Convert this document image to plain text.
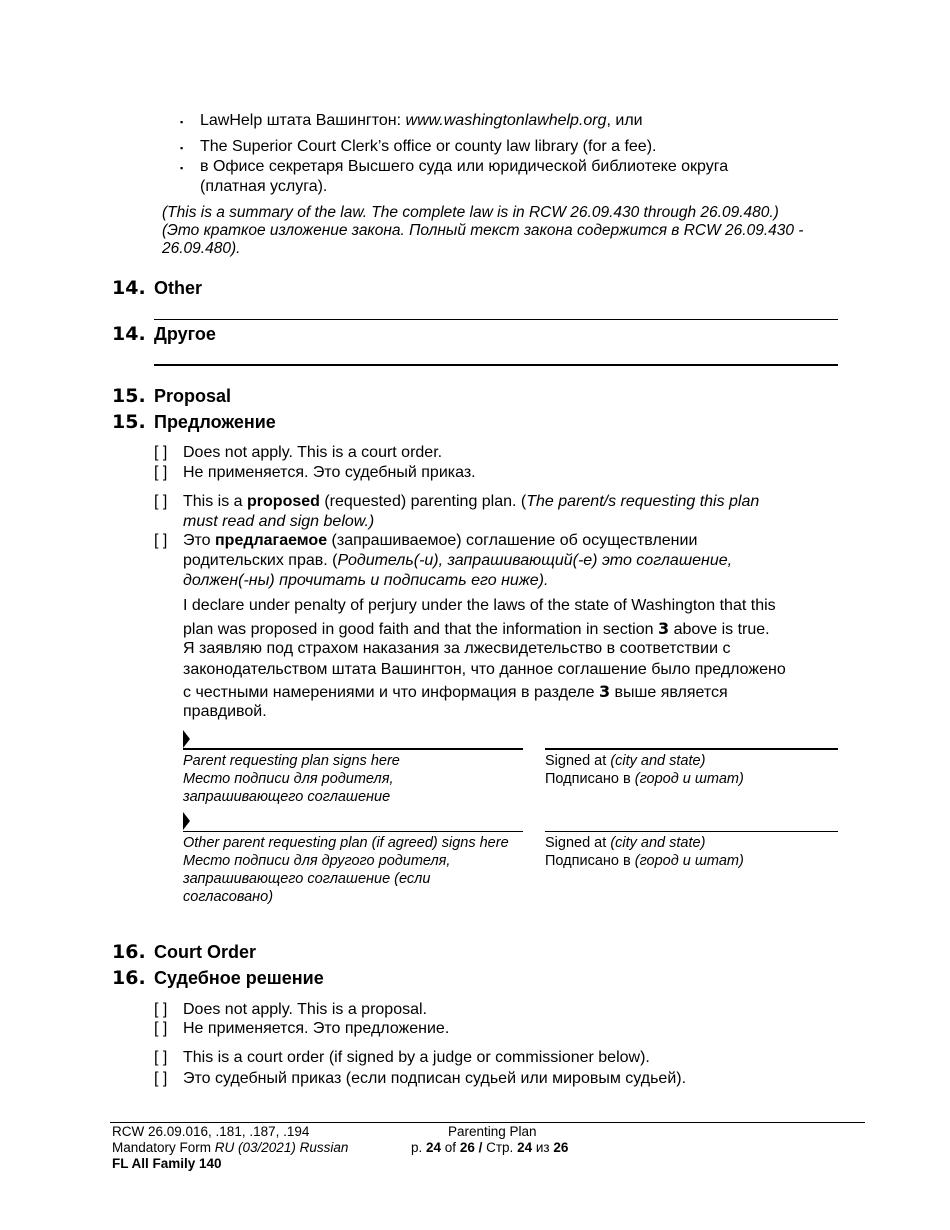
▪ LawHelp штата Вашингтон: www.washingtonlawhelp.org, или
▪ The Superior Court Clerk’s office or county law library (for a fee).
▪ в Офисе секретаря Высшего суда или юридической библиотеке округа
(платная услуга).
(This is a summary of the law. The complete law is in RCW 26.09.430 through 26.09.480.)
(Это краткое изложение закона. Полный текст закона содержится в RCW 26.09.430 -
26.09.480).
14. Other
14. Другое
15. Proposal
15. Предложение
[ ] Does not apply. This is a court order.
[ ] Не применяется. Это судебный приказ.
[ ] This is a proposed (requested) parenting plan. (The parent/s requesting this plan
must read and sign below.)
[ ] Это предлагаемое (запрашиваемое) соглашение об осуществлении
родительских прав. (Родитель(-и), запрашивающий(-е) это соглашение,
должен(-ны) прочитать и подписать его ниже).
I declare under penalty of perjury under the laws of the state of Washington that this
plan was proposed in good faith and that the information in section 3 above is true.
Я заявляю под страхом наказания за лжесвидетельство в соответствии с
законодательством штата Вашингтон, что данное соглашение было предложено
с честными намерениями и что информация в разделе 3 выше является
правдивой.
Parent requesting plan signs here
Место подписи для родителя,
запрашивающего соглашение
Signed at (city and state)
Подписано в (город и штат)
Other parent requesting plan (if agreed) signs here
Место подписи для другого родителя,
запрашивающего соглашение (если
согласовано)
Signed at (city and state)
Подписано в (город и штат)
16. Court Order
16. Судебное решение
[ ] Does not apply. This is a proposal.
[ ] Не применяется. Это предложение.
[ ] This is a court order (if signed by a judge or commissioner below).
[ ] Это судебный приказ (если подписан судьей или мировым судьей).
RCW 26.09.016, .181, .187, .194
Mandatory Form RU (03/2021) Russian
FL All Family 140
Parenting Plan
p. 24 of 26 / Стр. 24 из 26
